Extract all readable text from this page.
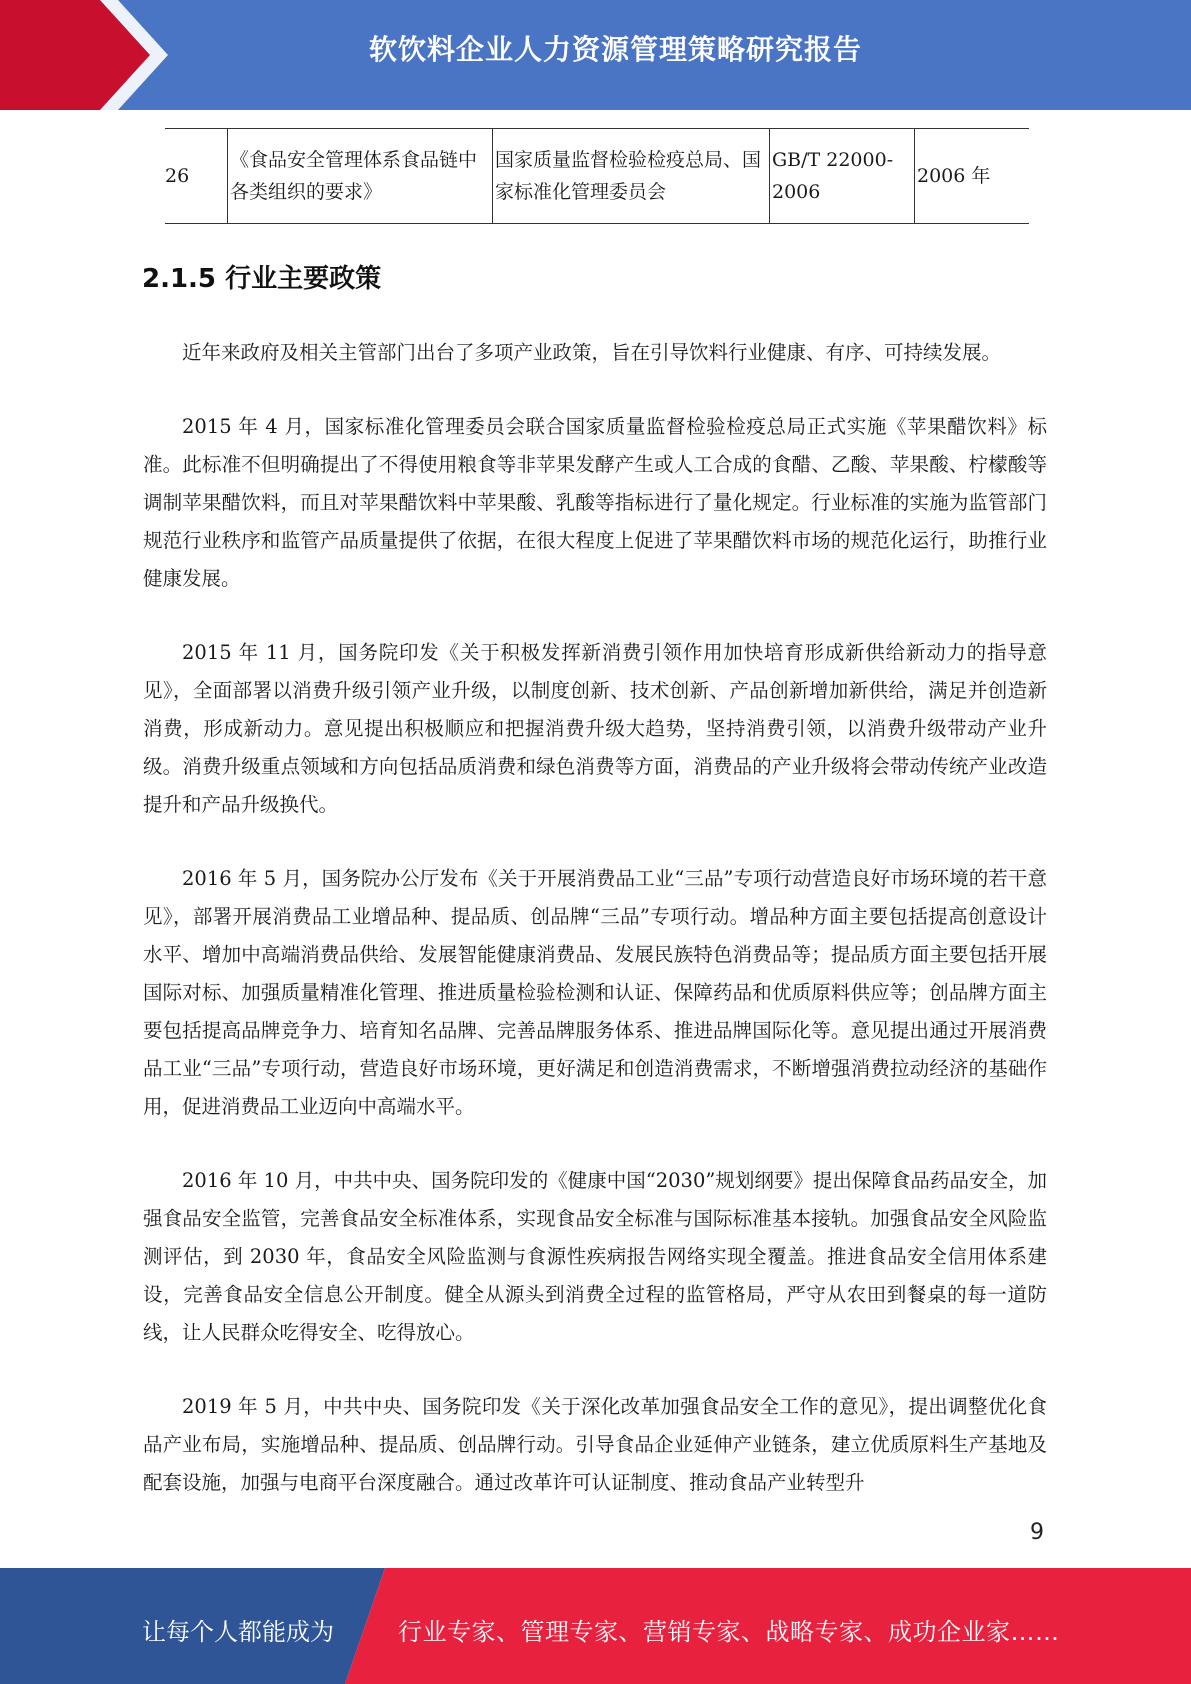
软饮料企业人力资源管理策略研究报告
26	《食品安全管理体系食品链中各类组织的要求》	国家质量监督检验检疫总局、国家标准化管理委员会	GB/T 22000-2006	2006 年
2.1.5 行业主要政策

近年来政府及相关主管部门出台了多项产业政策，旨在引导饮料行业健康、有序、可持续发展。

2015 年 4 月，国家标准化管理委员会联合国家质量监督检验检疫总局正式实施《苹果醋饮料》标准。此标准不但明确提出了不得使用粮食等非苹果发酵产生或人工合成的食醋、乙酸、苹果酸、柠檬酸等调制苹果醋饮料，而且对苹果醋饮料中苹果酸、乳酸等指标进行了量化规定。行业标准的实施为监管部门规范行业秩序和监管产品质量提供了依据，在很大程度上促进了苹果醋饮料市场的规范化运行，助推行业健康发展。

2015 年 11 月，国务院印发《关于积极发挥新消费引领作用加快培育形成新供给新动力的指导意见》，全面部署以消费升级引领产业升级，以制度创新、技术创新、产品创新增加新供给，满足并创造新消费，形成新动力。意见提出积极顺应和把握消费升级大趋势，坚持消费引领，以消费升级带动产业升级。消费升级重点领域和方向包括品质消费和绿色消费等方面，消费品的产业升级将会带动传统产业改造提升和产品升级换代。

2016 年 5 月，国务院办公厅发布《关于开展消费品工业“三品”专项行动营造良好市场环境的若干意见》，部署开展消费品工业增品种、提品质、创品牌“三品”专项行动。增品种方面主要包括提高创意设计水平、增加中高端消费品供给、发展智能健康消费品、发展民族特色消费品等；提品质方面主要包括开展国际对标、加强质量精准化管理、推进质量检验检测和认证、保障药品和优质原料供应等；创品牌方面主要包括提高品牌竞争力、培育知名品牌、完善品牌服务体系、推进品牌国际化等。意见提出通过开展消费品工业“三品”专项行动，营造良好市场环境，更好满足和创造消费需求，不断增强消费拉动经济的基础作用，促进消费品工业迈向中高端水平。

2016 年 10 月，中共中央、国务院印发的《健康中国“2030”规划纲要》提出保障食品药品安全，加强食品安全监管，完善食品安全标准体系，实现食品安全标准与国际标准基本接轨。加强食品安全风险监测评估，到 2030 年，食品安全风险监测与食源性疾病报告网络实现全覆盖。推进食品安全信用体系建设，完善食品安全信息公开制度。健全从源头到消费全过程的监管格局，严守从农田到餐桌的每一道防线，让人民群众吃得安全、吃得放心。

2019 年 5 月，中共中央、国务院印发《关于深化改革加强食品安全工作的意见》，提出调整优化食品产业布局，实施增品种、提品质、创品牌行动。引导食品企业延伸产业链条，建立优质原料生产基地及配套设施，加强与电商平台深度融合。通过改革许可认证制度、推动食品产业转型升

9
让每个人都能成为	行业专家、管理专家、营销专家、战略专家、成功企业家……
